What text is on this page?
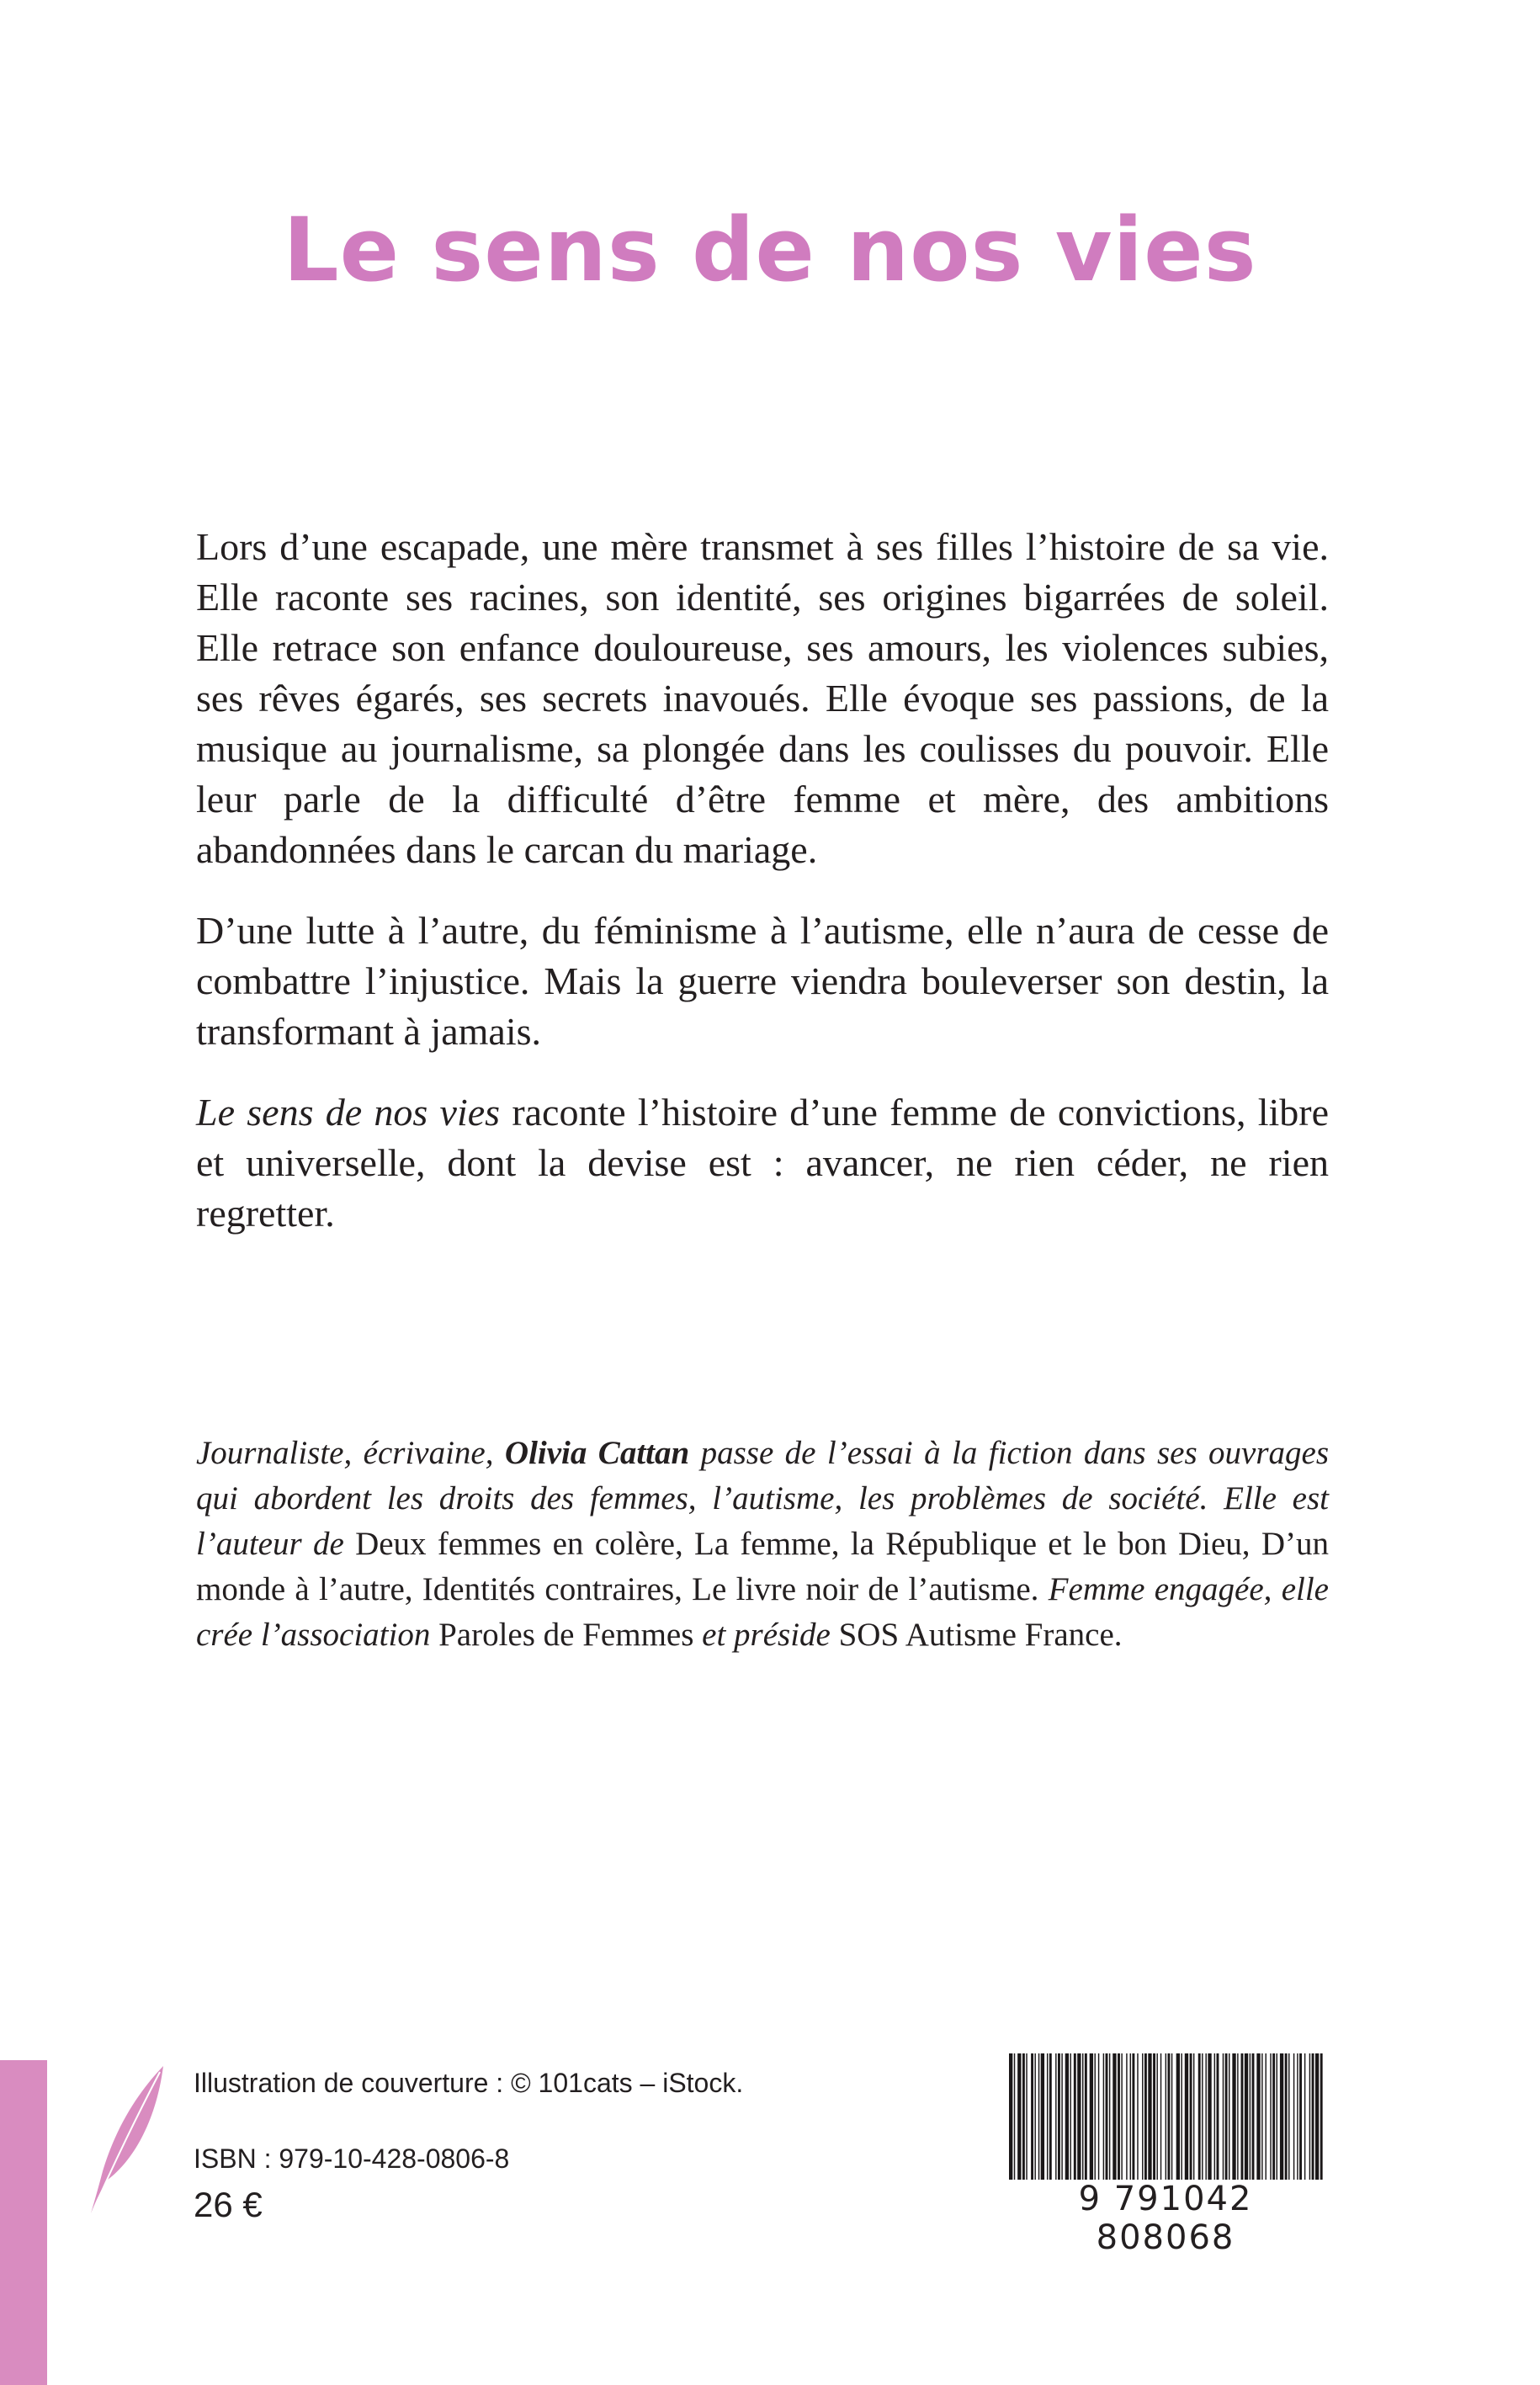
Le sens de nos vies

Lors d’une escapade, une mère transmet à ses filles l’histoire de sa vie. Elle raconte ses racines, son identité, ses origines bigarrées de soleil. Elle retrace son enfance douloureuse, ses amours, les violences subies, ses rêves égarés, ses secrets inavoués. Elle évoque ses passions, de la musique au journalisme, sa plongée dans les coulisses du pouvoir. Elle leur parle de la difficulté d’être femme et mère, des ambitions abandonnées dans le carcan du mariage.

D’une lutte à l’autre, du féminisme à l’autisme, elle n’aura de cesse de combattre l’injustice. Mais la guerre viendra bouleverser son destin, la transformant à jamais.

Le sens de nos vies raconte l’histoire d’une femme de convictions, libre et universelle, dont la devise est : avancer, ne rien céder, ne rien regretter.

Journaliste, écrivaine, Olivia Cattan passe de l’essai à la fiction dans ses ouvrages qui abordent les droits des femmes, l’autisme, les problèmes de société. Elle est l’auteur de Deux femmes en colère, La femme, la République et le bon Dieu, D’un monde à l’autre, Identités contraires, Le livre noir de l’autisme. Femme engagée, elle crée l’association Paroles de Femmes et préside SOS Autisme France.
Illustration de couverture : © 101cats – iStock.
ISBN : 979-10-428-0806-8
26 €	9 791042 808068
